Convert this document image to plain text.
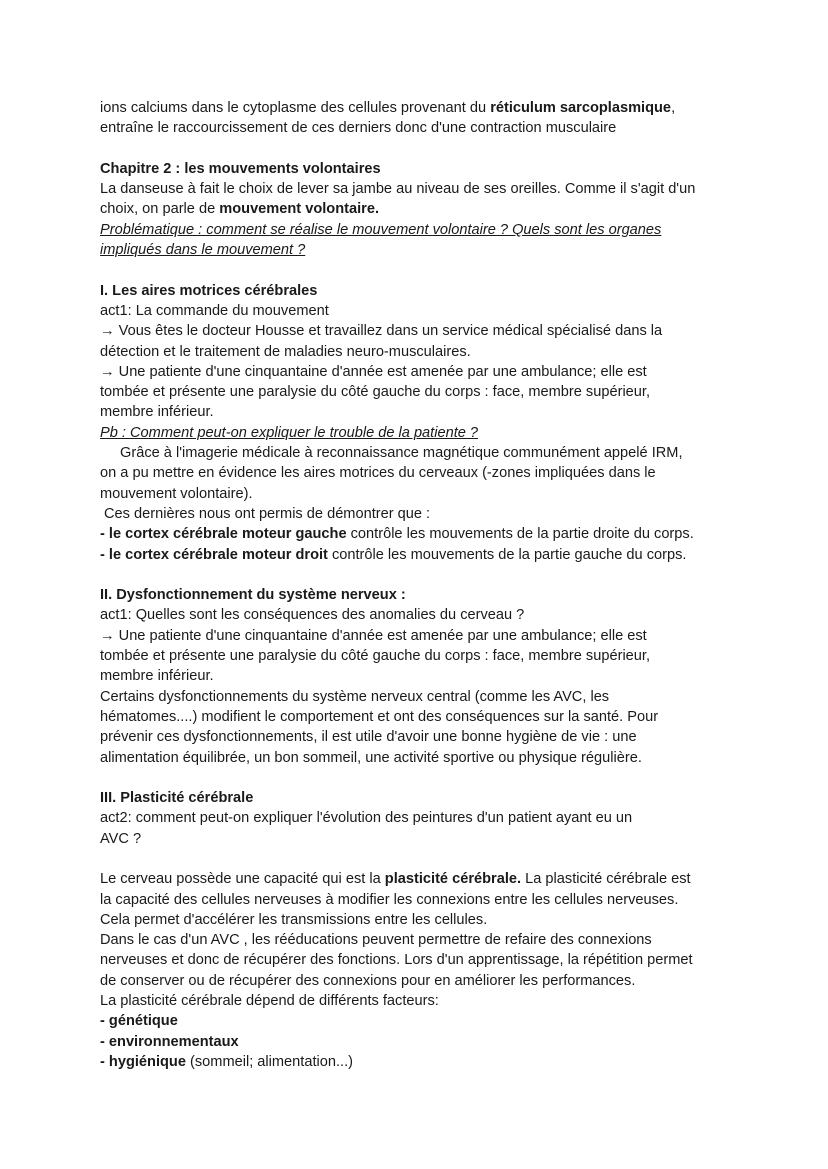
ions calciums dans le cytoplasme des cellules provenant du réticulum sarcoplasmique,
entraîne le raccourcissement de ces derniers donc d'une contraction musculaire
Chapitre 2 : les mouvements volontaires
La danseuse à fait le choix de lever sa jambe au niveau de ses oreilles. Comme il s'agit d'un
choix, on parle de mouvement volontaire.
Problématique : comment se réalise le mouvement volontaire ? Quels sont les organes
impliqués dans le mouvement ?
I. Les aires motrices cérébrales
act1: La commande du mouvement
→ Vous êtes le docteur Housse et travaillez dans un service médical spécialisé dans la
détection et le traitement de maladies neuro-musculaires.
→ Une patiente d'une cinquantaine d'année est amenée par une ambulance; elle est
tombée et présente une paralysie du côté gauche du corps : face, membre supérieur,
membre inférieur.
Pb : Comment peut-on expliquer le trouble de la patiente ?
Grâce à l'imagerie médicale à reconnaissance magnétique communément appelé IRM,
on a pu mettre en évidence les aires motrices du cerveaux (-zones impliquées dans le
mouvement volontaire).
Ces dernières nous ont permis de démontrer que :
- le cortex cérébrale moteur gauche contrôle les mouvements de la partie droite du corps.
- le cortex cérébrale moteur droit contrôle les mouvements de la partie gauche du corps.
II. Dysfonctionnement du système nerveux :
act1: Quelles sont les conséquences des anomalies du cerveau ?
→ Une patiente d'une cinquantaine d'année est amenée par une ambulance; elle est
tombée et présente une paralysie du côté gauche du corps : face, membre supérieur,
membre inférieur.
Certains dysfonctionnements du système nerveux central (comme les AVC, les
hématomes....) modifient le comportement et ont des conséquences sur la santé. Pour
prévenir ces dysfonctionnements, il est utile d'avoir une bonne hygiène de vie : une
alimentation équilibrée, un bon sommeil, une activité sportive ou physique régulière.
III. Plasticité cérébrale
act2: comment peut-on expliquer l'évolution des peintures d'un patient ayant eu un
AVC ?
Le cerveau possède une capacité qui est la plasticité cérébrale. La plasticité cérébrale est
la capacité des cellules nerveuses à modifier les connexions entre les cellules nerveuses.
Cela permet d'accélérer les transmissions entre les cellules.
Dans le cas d'un AVC , les rééducations peuvent permettre de refaire des connexions
nerveuses et donc de récupérer des fonctions. Lors d'un apprentissage, la répétition permet
de conserver ou de récupérer des connexions pour en améliorer les performances.
La plasticité cérébrale dépend de différents facteurs:
- génétique
- environnementaux
- hygiénique (sommeil; alimentation...)
